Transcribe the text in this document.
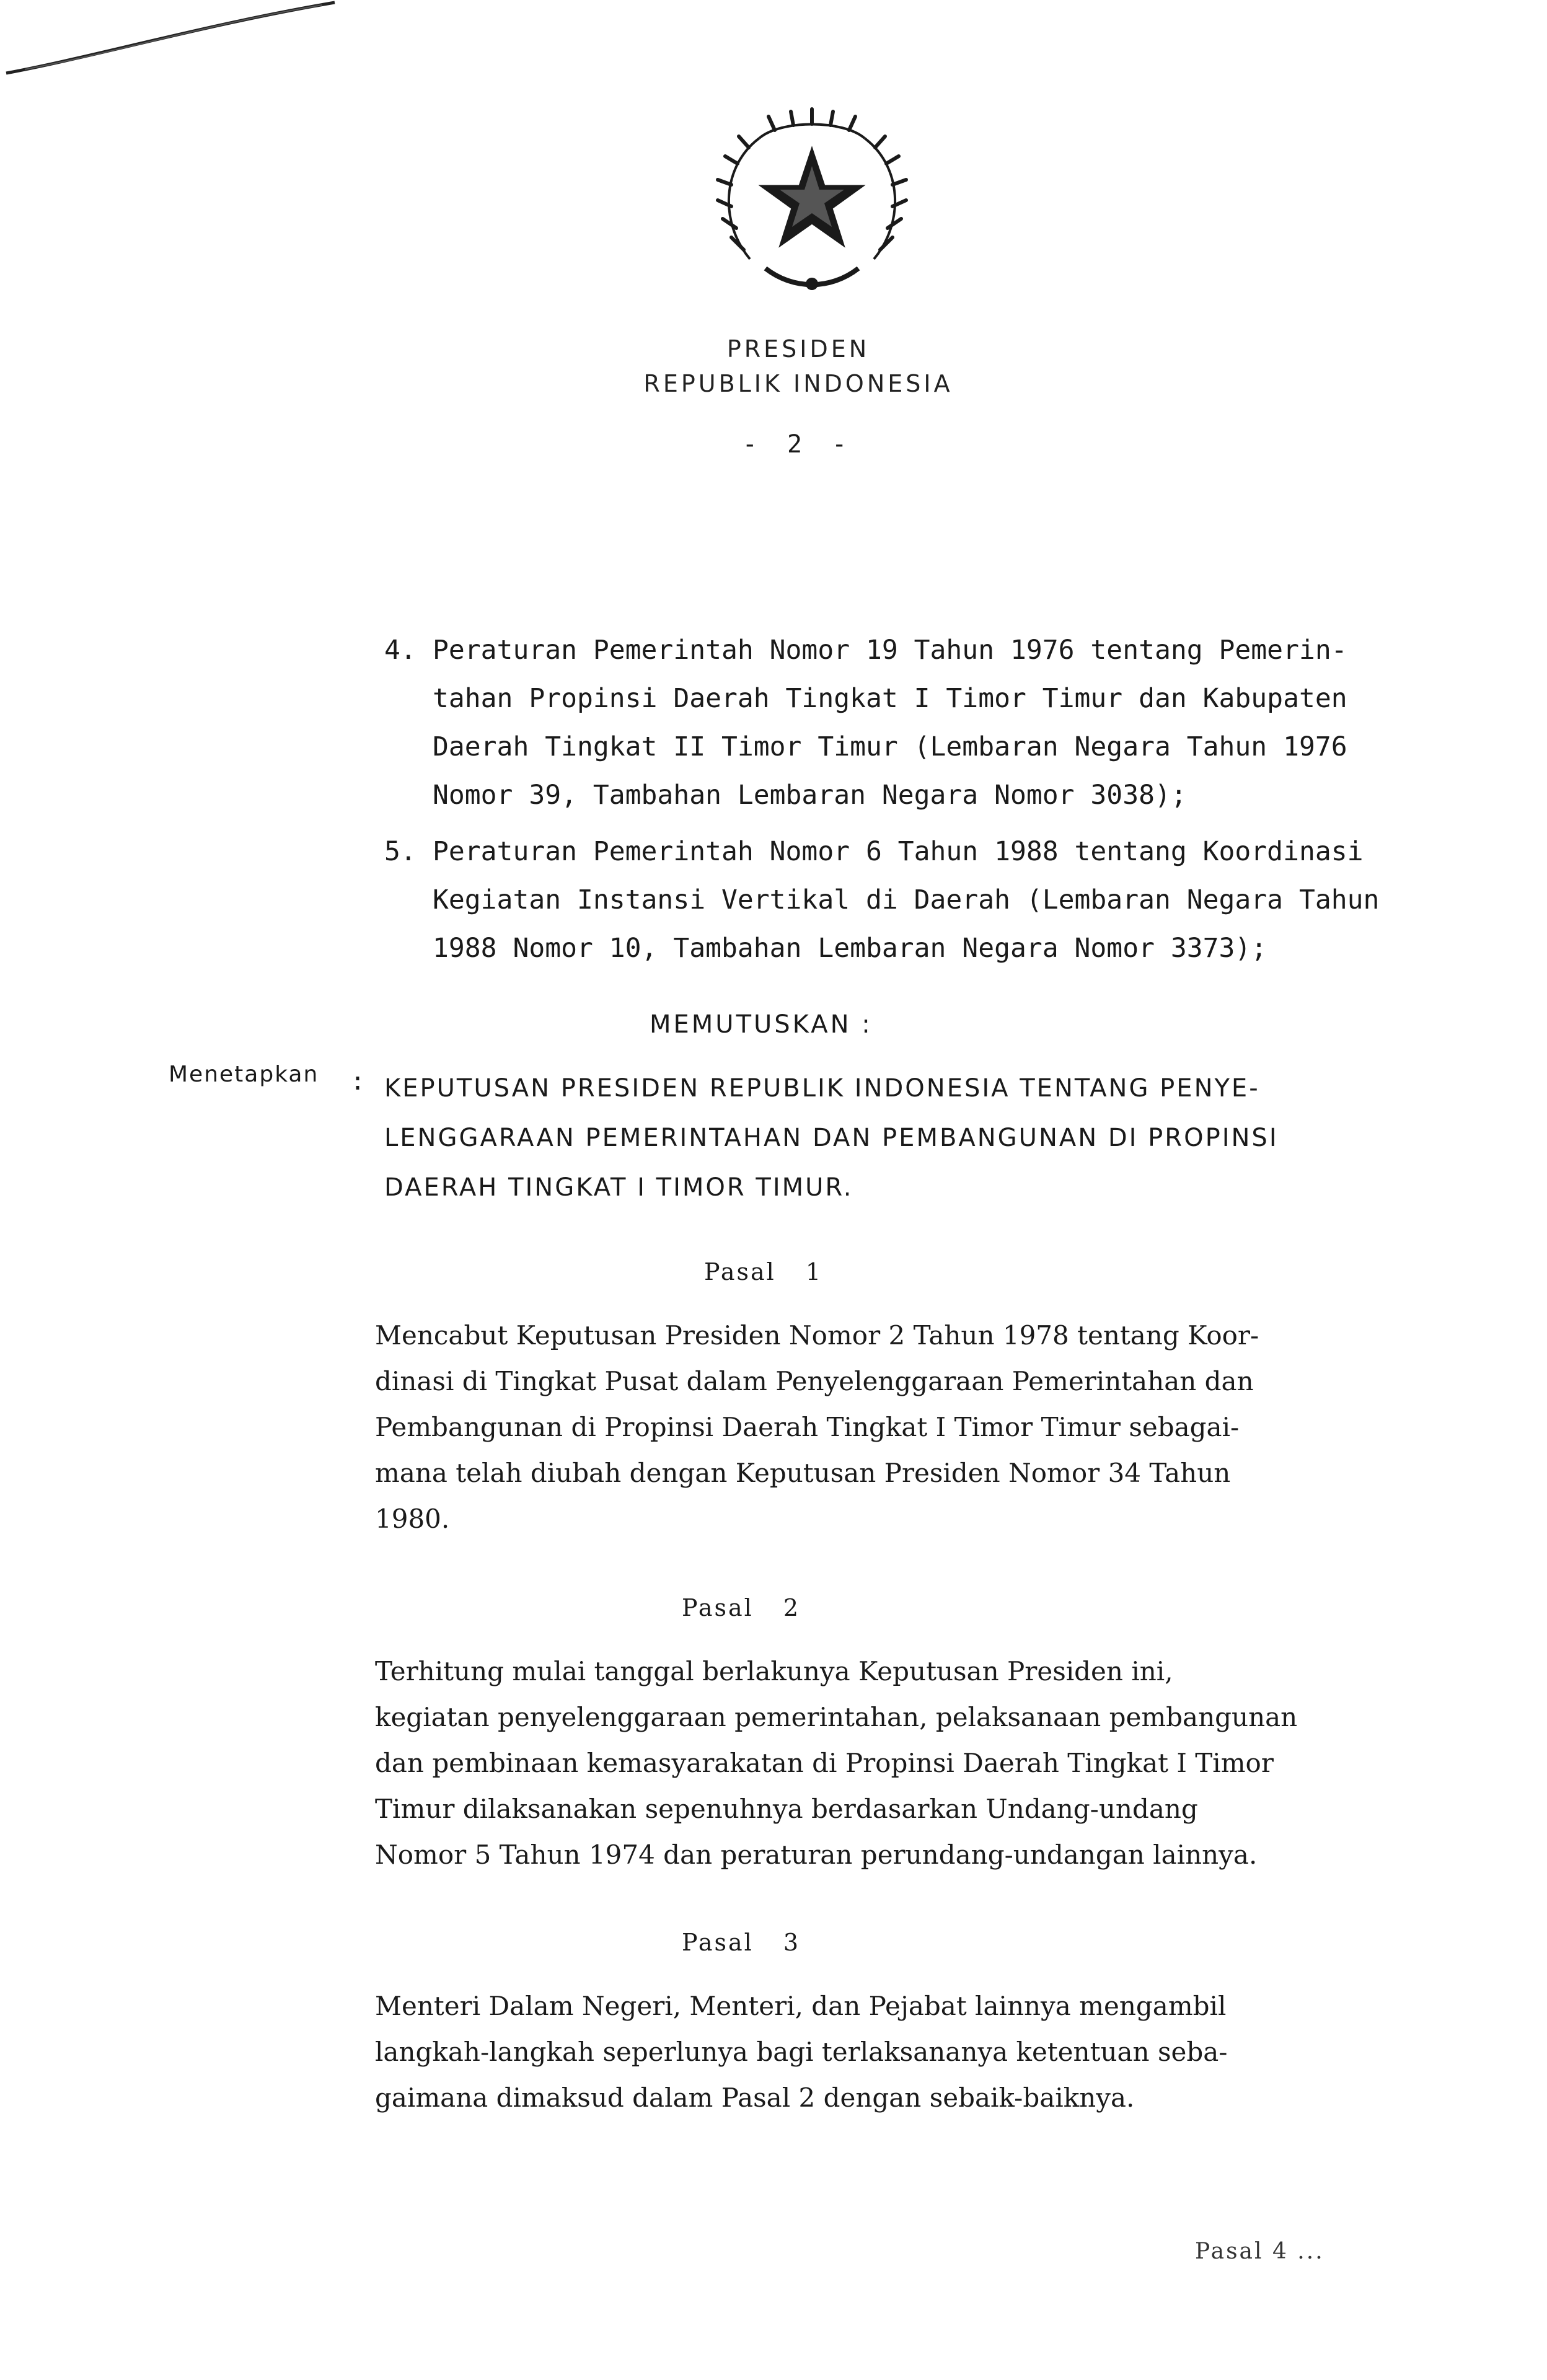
PRESIDEN
REPUBLIK INDONESIA
- 2 -
4. Peraturan Pemerintah Nomor 19 Tahun 1976 tentang Pemerin-
tahan Propinsi Daerah Tingkat I Timor Timur dan Kabupaten
Daerah Tingkat II Timor Timur (Lembaran Negara Tahun 1976
Nomor 39, Tambahan Lembaran Negara Nomor 3038);
5. Peraturan Pemerintah Nomor 6 Tahun 1988 tentang Koordinasi
Kegiatan Instansi Vertikal di Daerah (Lembaran Negara Tahun
1988 Nomor 10, Tambahan Lembaran Negara Nomor 3373);
MEMUTUSKAN :
Menetapkan : KEPUTUSAN PRESIDEN REPUBLIK INDONESIA TENTANG PENYE-
LENGGARAAN PEMERINTAHAN DAN PEMBANGUNAN DI PROPINSI
DAERAH TINGKAT I TIMOR TIMUR.
Pasal 1
Mencabut Keputusan Presiden Nomor 2 Tahun 1978 tentang Koor-
dinasi di Tingkat Pusat dalam Penyelenggaraan Pemerintahan dan
Pembangunan di Propinsi Daerah Tingkat I Timor Timur sebagai-
mana telah diubah dengan Keputusan Presiden Nomor 34 Tahun
1980.
Pasal 2
Terhitung mulai tanggal berlakunya Keputusan Presiden ini,
kegiatan penyelenggaraan pemerintahan, pelaksanaan pembangunan
dan pembinaan kemasyarakatan di Propinsi Daerah Tingkat I Timor
Timur dilaksanakan sepenuhnya berdasarkan Undang-undang
Nomor 5 Tahun 1974 dan peraturan perundang-undangan lainnya.
Pasal 3
Menteri Dalam Negeri, Menteri, dan Pejabat lainnya mengambil
langkah-langkah seperlunya bagi terlaksananya ketentuan seba-
gaimana dimaksud dalam Pasal 2 dengan sebaik-baiknya.
Pasal 4 ...
